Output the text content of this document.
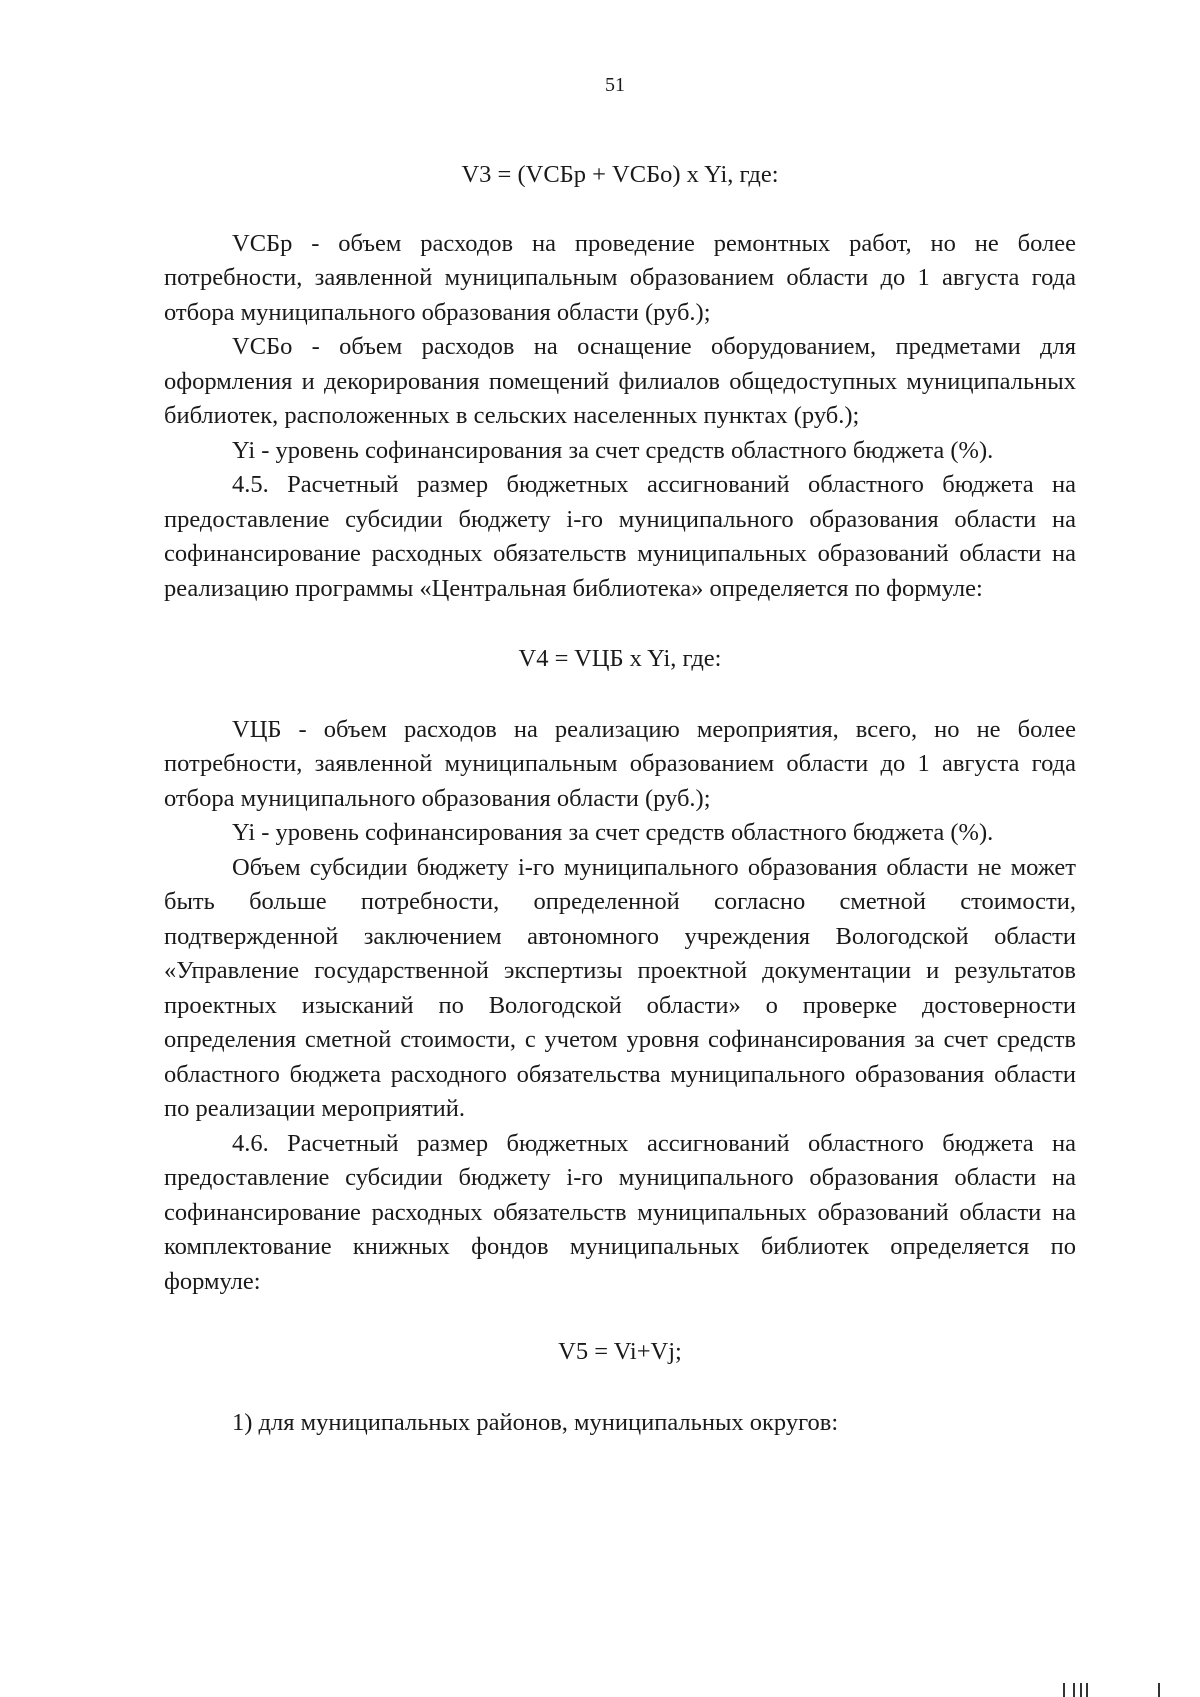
51
V3 = (VСБр + VСБо) x Yi, где:

VСБр - объем расходов на проведение ремонтных работ, но не более потребности, заявленной муниципальным образованием области до 1 августа года отбора муниципального образования области (руб.);

VСБо - объем расходов на оснащение оборудованием, предметами для оформления и декорирования помещений филиалов общедоступных муниципальных библиотек, расположенных в сельских населенных пунктах (руб.);

Yi - уровень софинансирования за счет средств областного бюджета (%).

4.5. Расчетный размер бюджетных ассигнований областного бюджета на предоставление субсидии бюджету i-го муниципального образования области на софинансирование расходных обязательств муниципальных образований области на реализацию программы «Центральная библиотека» определяется по формуле:

V4 = VЦБ x Yi, где:

VЦБ - объем расходов на реализацию мероприятия, всего, но не более потребности, заявленной муниципальным образованием области до 1 августа года отбора муниципального образования области (руб.);

Yi - уровень софинансирования за счет средств областного бюджета (%).

Объем субсидии бюджету i-го муниципального образования области не может быть больше потребности, определенной согласно сметной стоимости, подтвержденной заключением автономного учреждения Вологодской области «Управление государственной экспертизы проектной документации и результатов проектных изысканий по Вологодской области» о проверке достоверности определения сметной стоимости, с учетом уровня софинансирования за счет средств областного бюджета расходного обязательства муниципального образования области по реализации мероприятий.

4.6. Расчетный размер бюджетных ассигнований областного бюджета на предоставление субсидии бюджету i-го муниципального образования области на софинансирование расходных обязательств муниципальных образований области на комплектование книжных фондов муниципальных библиотек определяется по формуле:

V5 = Vi+Vj;

1) для муниципальных районов, муниципальных округов:
